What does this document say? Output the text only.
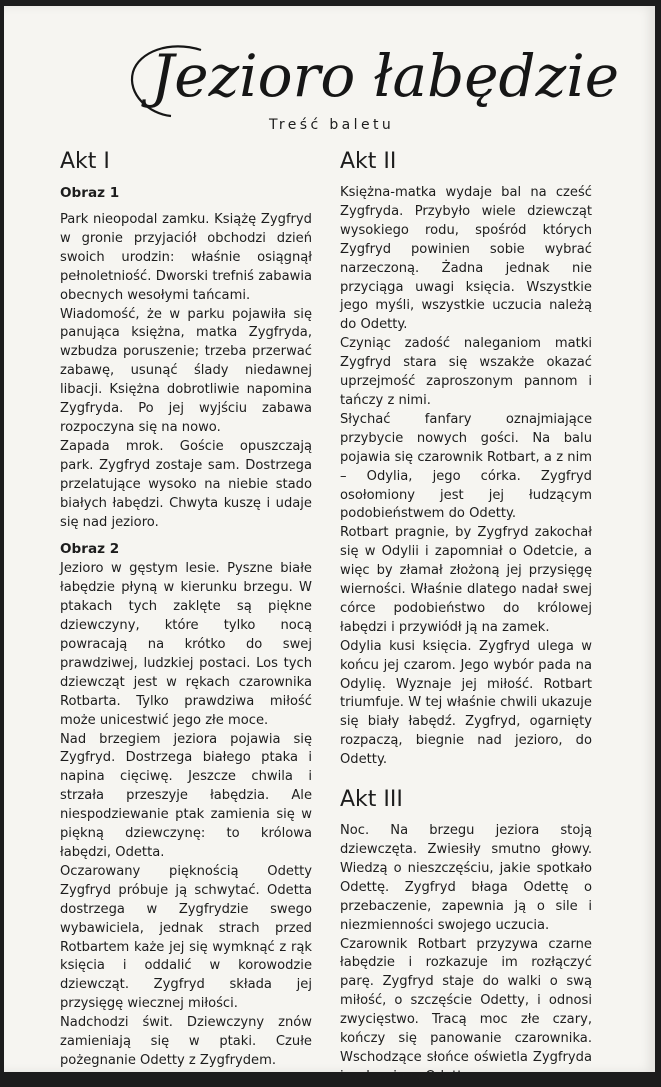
Jezioro łabędzie
Treść baletu
Akt I
Obraz 1

Park nieopodal zamku. Książę Zygfryd w gronie przyjaciół obchodzi dzień swoich urodzin: właśnie osiągnął pełnoletniość. Dworski trefniś zabawia obecnych wesołymi tańcami.

Wiadomość, że w parku pojawiła się panująca księżna, matka Zygfryda, wzbudza poruszenie; trzeba przerwać zabawę, usunąć ślady niedawnej libacji. Księżna dobrotliwie napomina Zygfryda. Po jej wyjściu zabawa rozpoczyna się na nowo.

Zapada mrok. Goście opuszczają park. Zygfryd zostaje sam. Dostrzega przelatujące wysoko na niebie stado białych łabędzi. Chwyta kuszę i udaje się nad jezioro.

Obraz 2

Jezioro w gęstym lesie. Pyszne białe łabędzie płyną w kierunku brzegu. W ptakach tych zaklęte są piękne dziewczyny, które tylko nocą powracają na krótko do swej prawdziwej, ludzkiej postaci. Los tych dziewcząt jest w rękach czarownika Rotbarta. Tylko prawdziwa miłość może unicestwić jego złe moce.

Nad brzegiem jeziora pojawia się Zygfryd. Dostrzega białego ptaka i napina cięciwę. Jeszcze chwila i strzała przeszyje łabędzia. Ale niespodziewanie ptak zamienia się w piękną dziewczynę: to królowa łabędzi, Odetta.

Oczarowany pięknością Odetty Zygfryd próbuje ją schwytać. Odetta dostrzega w Zygfrydzie swego wybawiciela, jednak strach przed Rotbartem każe jej się wymknąć z rąk księcia i oddalić w korowodzie dziewcząt. Zygfryd składa jej przysięgę wiecznej miłości.

Nadchodzi świt. Dziewczyny znów zamieniają się w ptaki. Czułe pożegnanie Odetty z Zygfrydem.

Akt II

Księżna-matka wydaje bal na cześć Zygfryda. Przybyło wiele dziewcząt wysokiego rodu, spośród których Zygfryd powinien sobie wybrać narzeczoną. Żadna jednak nie przyciąga uwagi księcia. Wszystkie jego myśli, wszystkie uczucia należą do Odetty.

Czyniąc zadość naleganiom matki Zygfryd stara się wszakże okazać uprzejmość zaproszonym pannom i tańczy z nimi.

Słychać fanfary oznajmiające przybycie nowych gości. Na balu pojawia się czarownik Rotbart, a z nim – Odylia, jego córka. Zygfryd osołomiony jest jej łudzącym podobieństwem do Odetty.

Rotbart pragnie, by Zygfryd zakochał się w Odylii i zapomniał o Odetcie, a więc by złamał złożoną jej przysięgę wierności. Właśnie dlatego nadał swej córce podobieństwo do królowej łabędzi i przywiódł ją na zamek.

Odylia kusi księcia. Zygfryd ulega w końcu jej czarom. Jego wybór pada na Odylię. Wyznaje jej miłość. Rotbart triumfuje. W tej właśnie chwili ukazuje się biały łabędź. Zygfryd, ogarnięty rozpaczą, biegnie nad jezioro, do Odetty.

Akt III

Noc. Na brzegu jeziora stoją dziewczęta. Zwiesiły smutno głowy. Wiedzą o nieszczęściu, jakie spotkało Odettę. Zygfryd błaga Odettę o przebaczenie, zapewnia ją o sile i niezmienności swojego uczucia.

Czarownik Rotbart przyzywa czarne łabędzie i rozkazuje im rozłączyć parę. Zygfryd staje do walki o swą miłość, o szczęście Odetty, i odnosi zwycięstwo. Tracą moc złe czary, kończy się panowanie czarownika. Wschodzące słońce oświetla Zygfryda i wybawioną Odettę.
